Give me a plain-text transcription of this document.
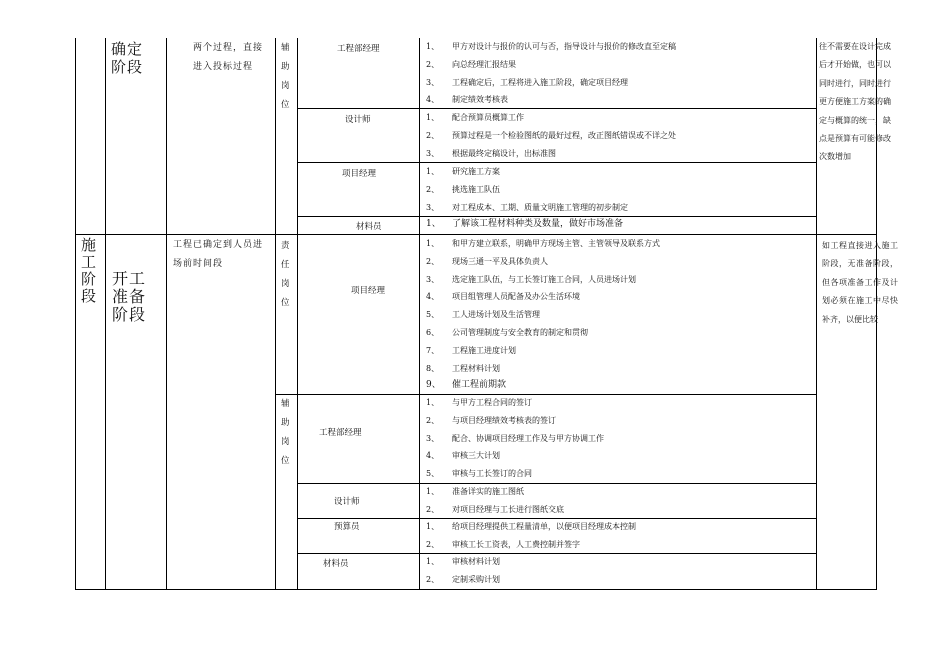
确定阶段
两个过程，直接进入投标过程
辅助岗位
工程部经理
设计师
项目经理
材料员
1、 甲方对设计与报价的认可与否，指导设计与报价的修改直至定稿
2、 向总经理汇报结果
3、 工程确定后，工程将进入施工阶段，确定项目经理
4、 制定绩效考核表
1、 配合预算员概算工作
2、 预算过程是一个检验图纸的最好过程，改正图纸错误或不详之处
3、 根据最终定稿设计，出标准图
1、 研究施工方案
2、 挑选施工队伍
3、 对工程成本、工期、质量文明施工管理的初步制定
1、 了解该工程材料种类及数量，做好市场准备
往不需要在设计完成后才开始做，也可以同时进行，同时进行更方便施工方案的确定与概算的统一，缺点是预算有可能修改次数增加
施工阶段
开工准备阶段
工程已确定到人员进场前时间段
责任岗位
辅助岗位
项目经理
工程部经理
设计师
预算员
材料员
1、 和甲方建立联系，明确甲方现场主管、主管领导及联系方式
2、 现场三通一平及具体负责人
3、 选定施工队伍，与工长签订施工合同，人员进场计划
4、 项目组管理人员配备及办公生活环境
5、 工人进场计划及生活管理
6、 公司管理制度与安全教育的制定和贯彻
7、 工程施工进度计划
8、 工程材料计划
9、 催工程前期款
1、 与甲方工程合同的签订
2、 与项目经理绩效考核表的签订
3、 配合、协调项目经理工作及与甲方协调工作
4、 审核三大计划
5、 审核与工长签订的合同
1、 准备详实的施工图纸
2、 对项目经理与工长进行图纸交底
1、 给项目经理提供工程量清单，以便项目经理成本控制
2、 审核工长工资表，人工费控制并签字
1、 审核材料计划
2、 定制采购计划
如工程直接进入施工阶段，无准备阶段，但各项准备工作及计划必须在施工中尽快补齐，以便比较
